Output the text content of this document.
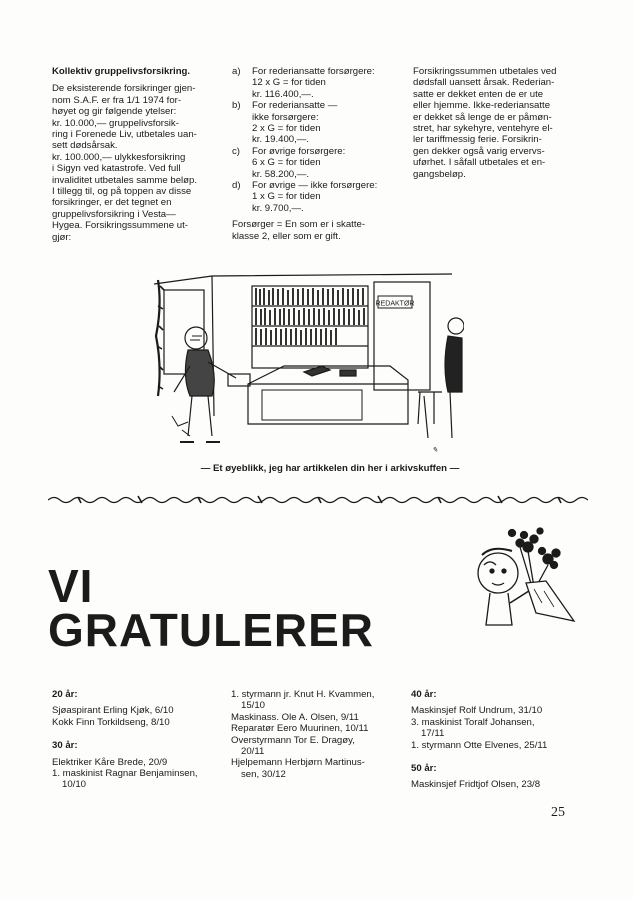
Kollektiv gruppelivsforsikring.

De eksisterende forsikringer gjen-

nom S.A.F. er fra 1/1 1974 for-

høyet og gir følgende ytelser:

kr. 10.000,— gruppelivsforsik-

ring i Forenede Liv, utbetales uan-

sett dødsårsak.

kr. 100.000,— ulykkesforsikring

i Sigyn ved katastrofe. Ved full

invaliditet utbetales samme beløp.

I tillegg til, og på toppen av disse

forsikringer, er det tegnet en

gruppelivsforsikring i Vesta—

Hygea. Forsikringssummene ut-

gjør:

a)	For rederiansatte forsørgere:

12 x G = for tiden

kr. 116.400,—.

b)	For rederiansatte —

ikke forsørgere:

2 x G = for tiden

kr. 19.400,—.

c)	For øvrige forsørgere:

6 x G = for tiden

kr. 58.200,—.

d)	For øvrige — ikke forsørgere:

1 x G = for tiden

kr. 9.700,—.

Forsørger = En som er i skatte-

klasse 2, eller som er gift.

Forsikringssummen utbetales ved

dødsfall uansett årsak. Rederian-

satte er dekket enten de er ute

eller hjemme. Ikke-rederiansatte

er dekket så lenge de er påmøn-

stret, har sykehyre, ventehyre el-

ler tariffmessig ferie. Forsikrin-

gen dekker også varig ervervs-

uførhet. I såfall utbetales et en-

gangsbeløp.

REDAKTØR
✎
— Et øyeblikk, jeg har artikkelen din her i arkivskuffen —
VI
GRATULERER

20 år:

Sjøaspirant Erling Kjøk, 6/10

Kokk Finn Torkildseng, 8/10

30 år:

Elektriker Kåre Brede, 20/9

1. maskinist Ragnar Benjaminsen,

10/10

1. styrmann jr. Knut H. Kvammen,

15/10

Maskinass. Ole A. Olsen, 9/11

Reparatør Eero Muurinen, 10/11

Overstyrmann Tor E. Dragøy,

20/11

Hjelpemann Herbjørn Martinus-

sen, 30/12

40 år:

Maskinsjef Rolf Undrum, 31/10

3. maskinist Toralf Johansen,

17/11

1. styrmann Otte Elvenes, 25/11

50 år:

Maskinsjef Fridtjof Olsen, 23/8

25
